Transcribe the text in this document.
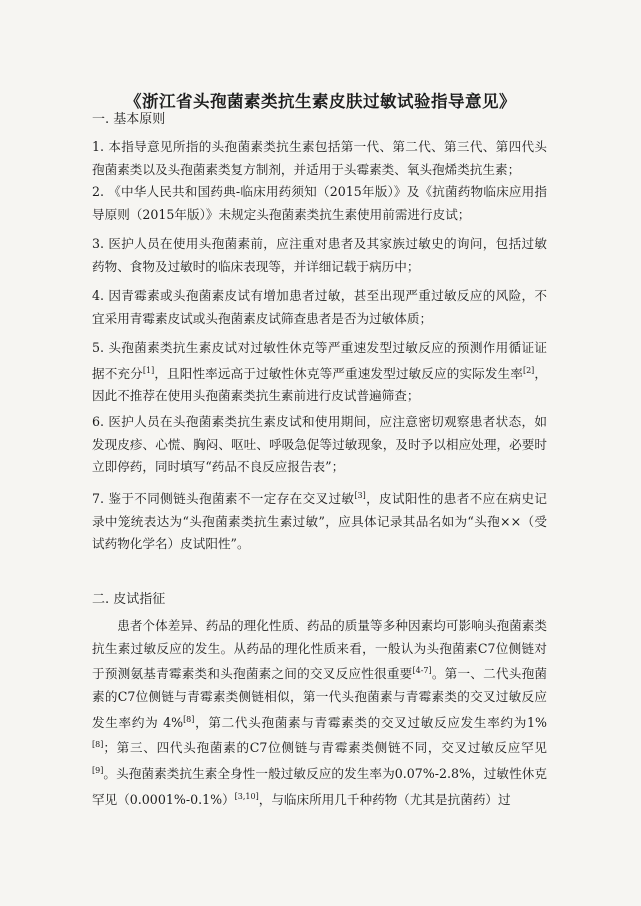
《浙江省头孢菌素类抗生素皮肤过敏试验指导意见》
一. 基本原则
1. 本指导意见所指的头孢菌素类抗生素包括第一代、第二代、第三代、第四代头孢菌素类以及头孢菌素类复方制剂，并适用于头霉素类、氧头孢烯类抗生素；
2. 《中华人民共和国药典-临床用药须知（2015年版）》及《抗菌药物临床应用指导原则（2015年版）》未规定头孢菌素类抗生素使用前需进行皮试；
3. 医护人员在使用头孢菌素前，应注重对患者及其家族过敏史的询问，包括过敏药物、食物及过敏时的临床表现等，并详细记载于病历中；
4. 因青霉素或头孢菌素皮试有增加患者过敏，甚至出现严重过敏反应的风险，不宜采用青霉素皮试或头孢菌素皮试筛查患者是否为过敏体质；
5. 头孢菌素类抗生素皮试对过敏性休克等严重速发型过敏反应的预测作用循证证据不充分[1]，且阳性率远高于过敏性休克等严重速发型过敏反应的实际发生率[2]，因此不推荐在使用头孢菌素类抗生素前进行皮试普遍筛查；
6. 医护人员在头孢菌素类抗生素皮试和使用期间，应注意密切观察患者状态，如发现皮疹、心慌、胸闷、呕吐、呼吸急促等过敏现象，及时予以相应处理，必要时立即停药，同时填写“药品不良反应报告表”；
7. 鉴于不同侧链头孢菌素不一定存在交叉过敏[3]，皮试阳性的患者不应在病史记录中笼统表达为“头孢菌素类抗生素过敏”，应具体记录其品名如为“头孢××（受试药物化学名）皮试阳性”。
二. 皮试指征
患者个体差异、药品的理化性质、药品的质量等多种因素均可影响头孢菌素类抗生素过敏反应的发生。从药品的理化性质来看，一般认为头孢菌素C7位侧链对于预测氨基青霉素类和头孢菌素之间的交叉反应性很重要[4-7]。第一、二代头孢菌素的C7位侧链与青霉素类侧链相似，第一代头孢菌素与青霉素类的交叉过敏反应发生率约为 4%[8]，第二代头孢菌素与青霉素类的交叉过敏反应发生率约为1%[8]；第三、四代头孢菌素的C7位侧链与青霉素类侧链不同，交叉过敏反应罕见[9]。头孢菌素类抗生素全身性一般过敏反应的发生率为0.07%-2.8%，过敏性休克罕见（0.0001%-0.1%）[3,10]，与临床所用几千种药物（尤其是抗菌药）过
